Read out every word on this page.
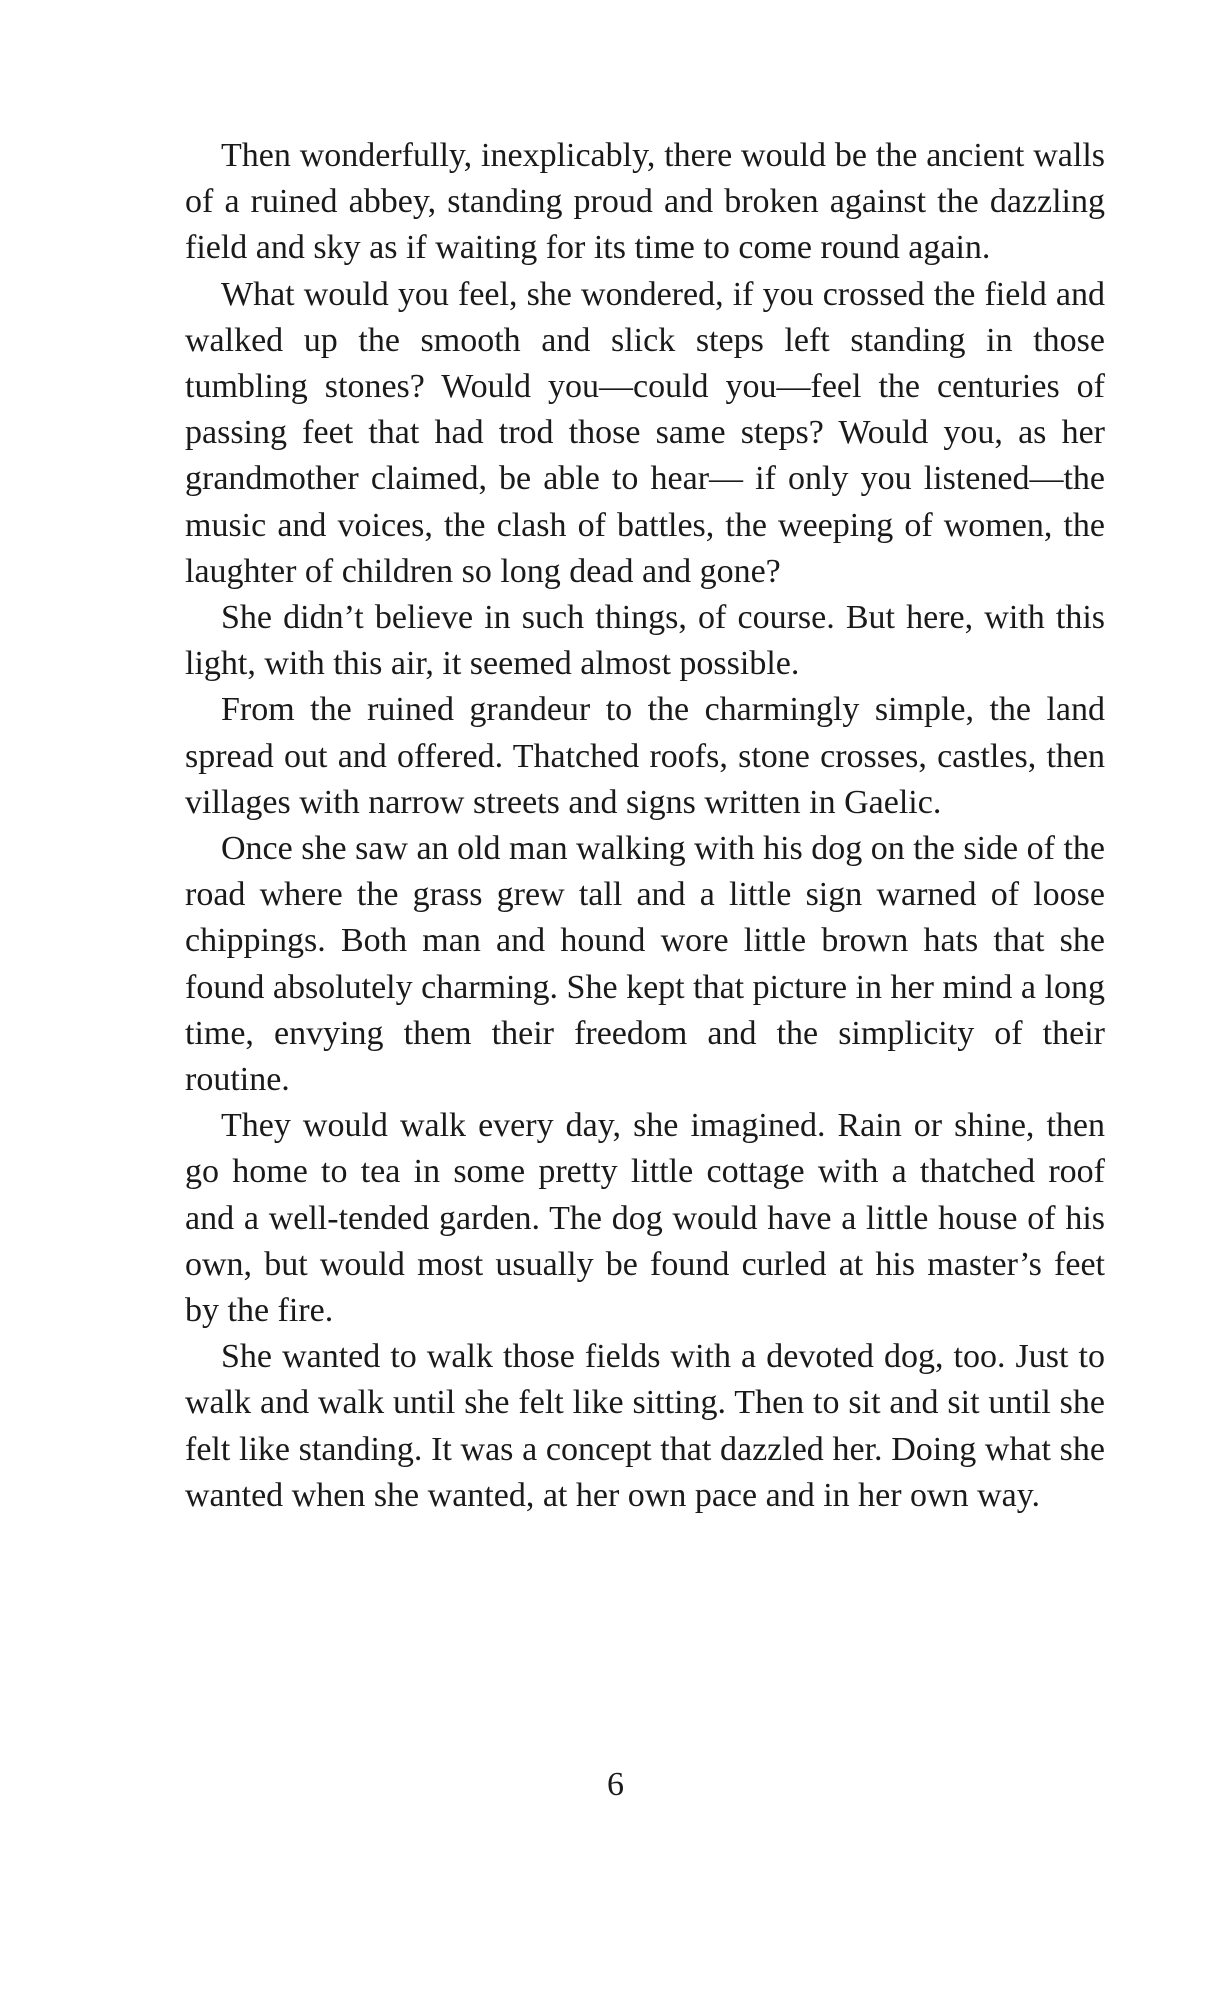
Then wonderfully, inexplicably, there would be the ancient walls of a ruined abbey, standing proud and broken against the dazzling field and sky as if waiting for its time to come round again.

What would you feel, she wondered, if you crossed the field and walked up the smooth and slick steps left standing in those tumbling stones? Would you—could you—feel the centuries of passing feet that had trod those same steps? Would you, as her grandmother claimed, be able to hear— if only you listened—the music and voices, the clash of battles, the weeping of women, the laughter of children so long dead and gone?

She didn’t believe in such things, of course. But here, with this light, with this air, it seemed almost possible.

From the ruined grandeur to the charmingly simple, the land spread out and offered. Thatched roofs, stone crosses, castles, then villages with narrow streets and signs written in Gaelic.

Once she saw an old man walking with his dog on the side of the road where the grass grew tall and a little sign warned of loose chippings. Both man and hound wore little brown hats that she found absolutely charming. She kept that picture in her mind a long time, envying them their freedom and the simplicity of their routine.

They would walk every day, she imagined. Rain or shine, then go home to tea in some pretty little cottage with a thatched roof and a well-tended garden. The dog would have a little house of his own, but would most usually be found curled at his master’s feet by the fire.

She wanted to walk those fields with a devoted dog, too. Just to walk and walk until she felt like sitting. Then to sit and sit until she felt like standing. It was a concept that dazzled her. Doing what she wanted when she wanted, at her own pace and in her own way.

6
